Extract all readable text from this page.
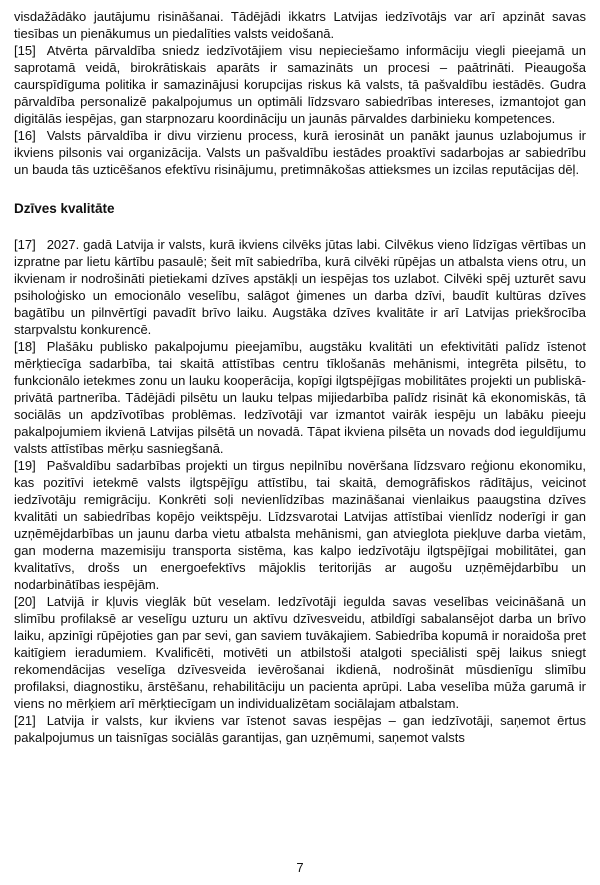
visdažādāko jautājumu risināšanai. Tādējādi ikkatrs Latvijas iedzīvotājs var arī apzināt savas tiesības un pienākumus un piedalīties valsts veidošanā.

[15] Atvērta pārvaldība sniedz iedzīvotājiem visu nepieciešamo informāciju viegli pieejamā un saprotamā veidā, birokrātiskais aparāts ir samazināts un procesi – paātrināti. Pieaugoša caurspīdīguma politika ir samazinājusi korupcijas riskus kā valsts, tā pašvaldību iestādēs. Gudra pārvaldība personalizē pakalpojumus un optimāli līdzsvaro sabiedrības intereses, izmantojot gan digitālās iespējas, gan starpnozaru koordināciju un jaunās pārvaldes darbinieku kompetences.

[16] Valsts pārvaldība ir divu virzienu process, kurā ierosināt un panākt jaunus uzlabojumus ir ikviens pilsonis vai organizācija. Valsts un pašvaldību iestādes proaktīvi sadarbojas ar sabiedrību un bauda tās uzticēšanos efektīvu risinājumu, pretimnākošas attieksmes un izcilas reputācijas dēļ.

Dzīves kvalitāte

[17] 2027. gadā Latvija ir valsts, kurā ikviens cilvēks jūtas labi. Cilvēkus vieno līdzīgas vērtības un izpratne par lietu kārtību pasaulē; šeit mīt sabiedrība, kurā cilvēki rūpējas un atbalsta viens otru, un ikvienam ir nodrošināti pietiekami dzīves apstākļi un iespējas tos uzlabot. Cilvēki spēj uzturēt savu psiholoģisko un emocionālo veselību, salāgot ģimenes un darba dzīvi, baudīt kultūras dzīves bagātību un pilnvērtīgi pavadīt brīvo laiku. Augstāka dzīves kvalitāte ir arī Latvijas priekšrocība starpvalstu konkurencē.

[18] Plašāku publisko pakalpojumu pieejamību, augstāku kvalitāti un efektivitāti palīdz īstenot mērķtiecīga sadarbība, tai skaitā attīstības centru tīklošanās mehānismi, integrēta pilsētu, to funkcionālo ietekmes zonu un lauku kooperācija, kopīgi ilgtspējīgas mobilitātes projekti un publiskā-privātā partnerība. Tādējādi pilsētu un lauku telpas mijiedarbība palīdz risināt kā ekonomiskās, tā sociālās un apdzīvotības problēmas. Iedzīvotāji var izmantot vairāk iespēju un labāku pieeju pakalpojumiem ikvienā Latvijas pilsētā un novadā. Tāpat ikviena pilsēta un novads dod ieguldījumu valsts attīstības mērķu sasniegšanā.

[19] Pašvaldību sadarbības projekti un tirgus nepilnību novēršana līdzsvaro reģionu ekonomiku, kas pozitīvi ietekmē valsts ilgtspējīgu attīstību, tai skaitā, demogrāfiskos rādītājus, veicinot iedzīvotāju remigrāciju. Konkrēti soļi nevienlīdzības mazināšanai vienlaikus paaugstina dzīves kvalitāti un sabiedrības kopējo veiktspēju. Līdzsvarotai Latvijas attīstībai vienlīdz noderīgi ir gan uzņēmējdarbības un jaunu darba vietu atbalsta mehānismi, gan atvieglota piekļuve darba vietām, gan moderna mazemisiju transporta sistēma, kas kalpo iedzīvotāju ilgtspējīgai mobilitātei, gan kvalitatīvs, drošs un energoefektīvs mājoklis teritorijās ar augošu uzņēmējdarbību un nodarbinātības iespējām.

[20] Latvijā ir kļuvis vieglāk būt veselam. Iedzīvotāji iegulda savas veselības veicināšanā un slimību profilaksē ar veselīgu uzturu un aktīvu dzīvesveidu, atbildīgi sabalansējot darba un brīvo laiku, apzinīgi rūpējoties gan par sevi, gan saviem tuvākajiem. Sabiedrība kopumā ir noraidoša pret kaitīgiem ieradumiem. Kvalificēti, motivēti un atbilstoši atalgoti speciālisti spēj laikus sniegt rekomendācijas veselīga dzīvesveida ievērošanai ikdienā, nodrošināt mūsdienīgu slimību profilaksi, diagnostiku, ārstēšanu, rehabilitāciju un pacienta aprūpi. Laba veselība mūža garumā ir viens no mērķiem arī mērķtiecīgam un individualizētam sociālajam atbalstam.

[21] Latvija ir valsts, kur ikviens var īstenot savas iespējas – gan iedzīvotāji, saņemot ērtus pakalpojumus un taisnīgas sociālās garantijas, gan uzņēmumi, saņemot valsts

7
